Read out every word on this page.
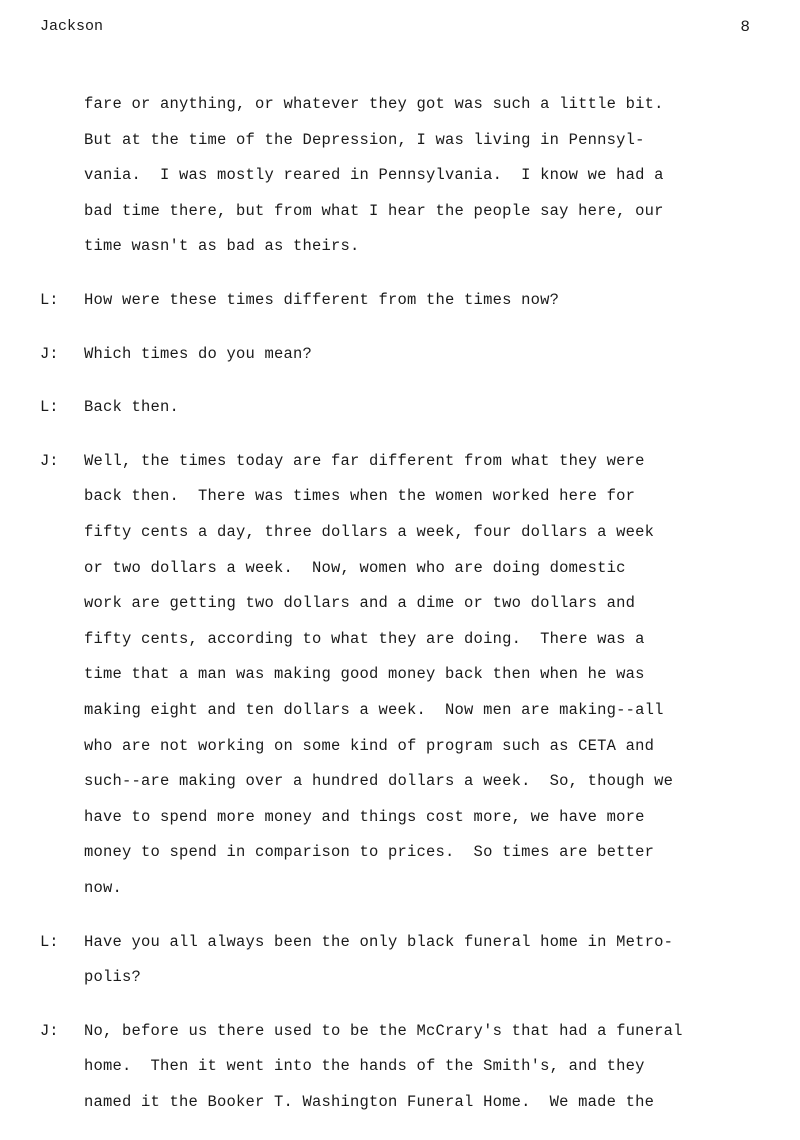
Jackson	8
fare or anything, or whatever they got was such a little bit.
But at the time of the Depression, I was living in Pennsyl-
vania.  I was mostly reared in Pennsylvania.  I know we had a
bad time there, but from what I hear the people say here, our
time wasn't as bad as theirs.
L: How were these times different from the times now?
J: Which times do you mean?
L: Back then.
J: Well, the times today are far different from what they were
back then.  There was times when the women worked here for
fifty cents a day, three dollars a week, four dollars a week
or two dollars a week.  Now, women who are doing domestic
work are getting two dollars and a dime or two dollars and
fifty cents, according to what they are doing.  There was a
time that a man was making good money back then when he was
making eight and ten dollars a week.  Now men are making--all
who are not working on some kind of program such as CETA and
such--are making over a hundred dollars a week.  So, though we
have to spend more money and things cost more, we have more
money to spend in comparison to prices.  So times are better
now.
L: Have you all always been the only black funeral home in Metro-
polis?
J: No, before us there used to be the McCrary's that had a funeral
home.  Then it went into the hands of the Smith's, and they
named it the Booker T. Washington Funeral Home.  We made the
